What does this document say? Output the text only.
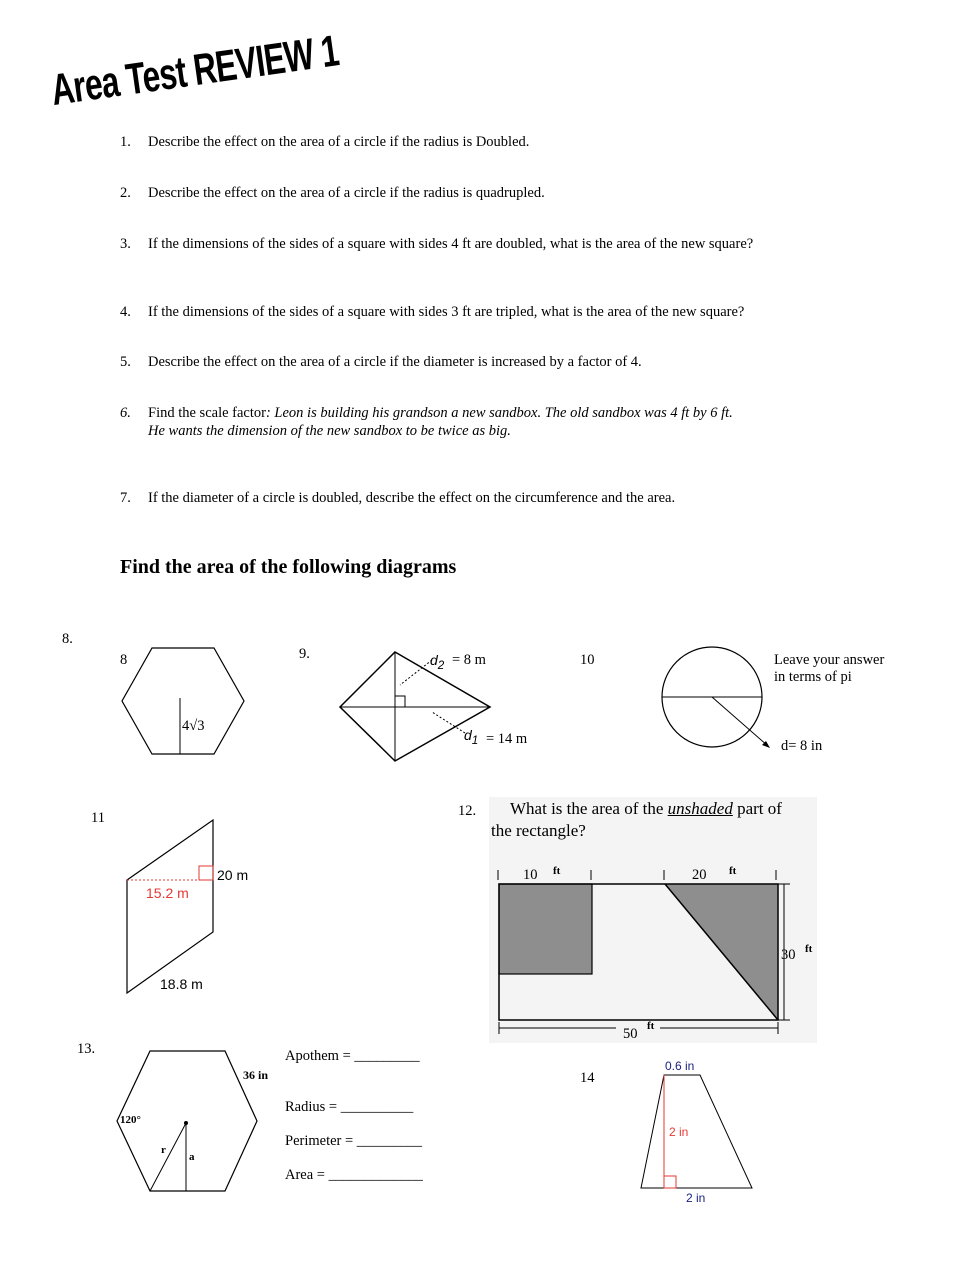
Area Test REVIEW 1
1. Describe the effect on the area of a circle if the radius is Doubled.
2. Describe the effect on the area of a circle if the radius is quadrupled.
3. If the dimensions of the sides of a square with sides 4 ft are doubled, what is the area of the new square?
4. If the dimensions of the sides of a square with sides 3 ft are tripled, what is the area of the new square?
5. Describe the effect on the area of a circle if the diameter is increased by a factor of 4.
6. Find the scale factor: Leon is building his grandson a new sandbox. The old sandbox was 4 ft by 6 ft.
He wants the dimension of the new sandbox to be twice as big.
7. If the diameter of a circle is doubled, describe the effect on the circumference and the area.
Find the area of the following diagrams
8.
8
4√3
9.	$d_2 = 8$ m
$d_1 = 14$ m
10	Leave your answer
in terms of pi
d= 8 in
11
20 m
15.2 m
18.8 m
12. What is the area of the unshaded part of
the rectangle?
10 ft	20 ft
30 ft
50 ft
13.
36 in
120°
r
a
Apothem = _________
Radius = __________
Perimeter = _________
Area = _____________
14
0.6 in
2 in
2 in
